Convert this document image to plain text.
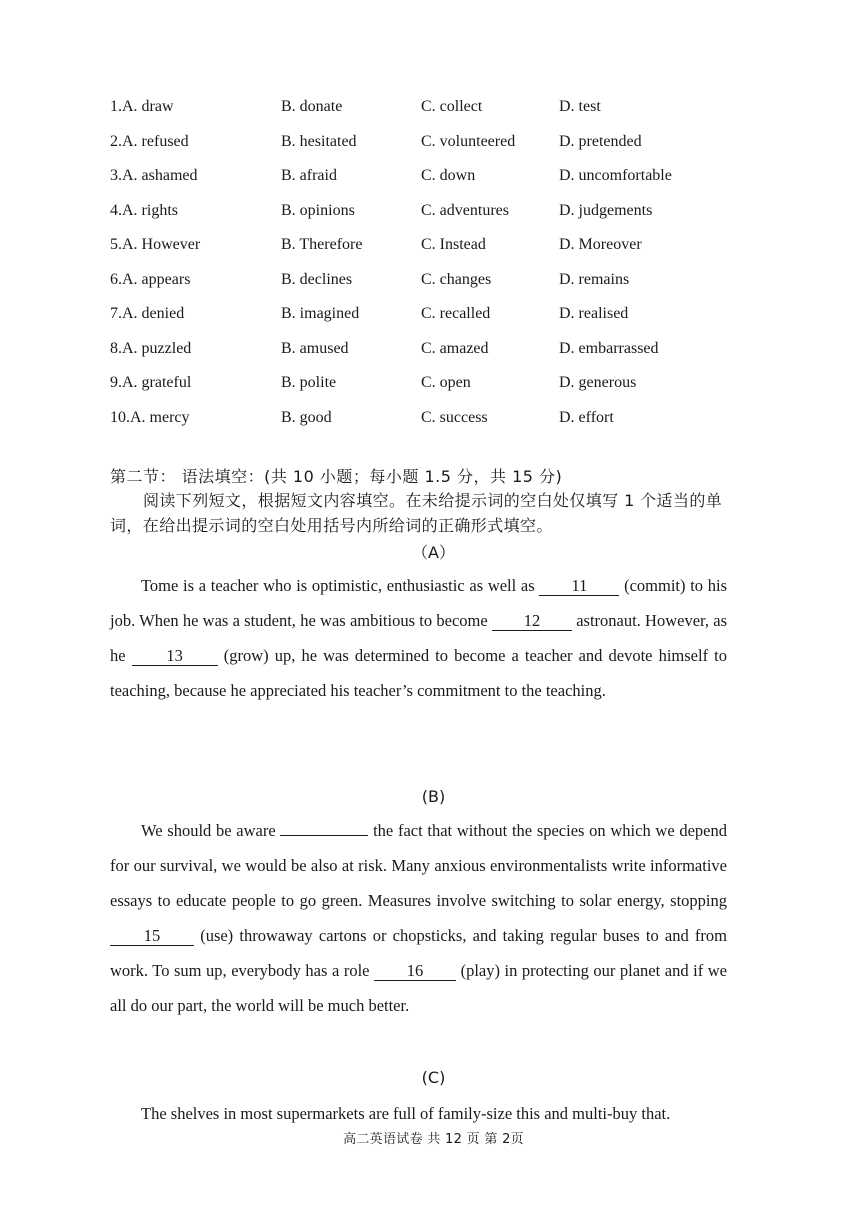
1.A. draw	B. donate	C. collect	D. test
2.A. refused	B. hesitated	C. volunteered	D. pretended
3.A. ashamed	B. afraid	C. down	D. uncomfortable
4.A. rights	B. opinions	C. adventures	D. judgements
5.A. However	B. Therefore	C. Instead	D. Moreover
6.A. appears	B. declines	C. changes	D. remains
7.A. denied	B. imagined	C. recalled	D. realised
8.A. puzzled	B. amused	C. amazed	D. embarrassed
9.A. grateful	B. polite	C. open	D. generous
10.A. mercy	B. good	C. success	D. effort
第二节： 语法填空：(共 10 小题；每小题 1.5 分，共 15 分)
阅读下列短文，根据短文内容填空。在未给提示词的空白处仅填写 1 个适当的单词，在给出提示词的空白处用括号内所给词的正确形式填空。
（A）
Tome is a teacher who is optimistic, enthusiastic as well as 11 (commit) to his job. When he was a student, he was ambitious to become 12 astronaut. However, as he 13 (grow) up, he was determined to become a teacher and devote himself to teaching, because he appreciated his teacher’s commitment to the teaching.
(B)
We should be aware	the fact that without the species on which we depend for our survival, we would be also at risk. Many anxious environmentalists write informative essays to educate people to go green. Measures involve switching to solar energy, stopping 15 (use) throwaway cartons or chopsticks, and taking regular buses to and from work. To sum up, everybody has a role 16 (play) in protecting our planet and if we all do our part, the world will be much better.
(C)
The shelves in most supermarkets are full of family-size this and multi-buy that.
高二英语试卷 共 12 页 第 2页
